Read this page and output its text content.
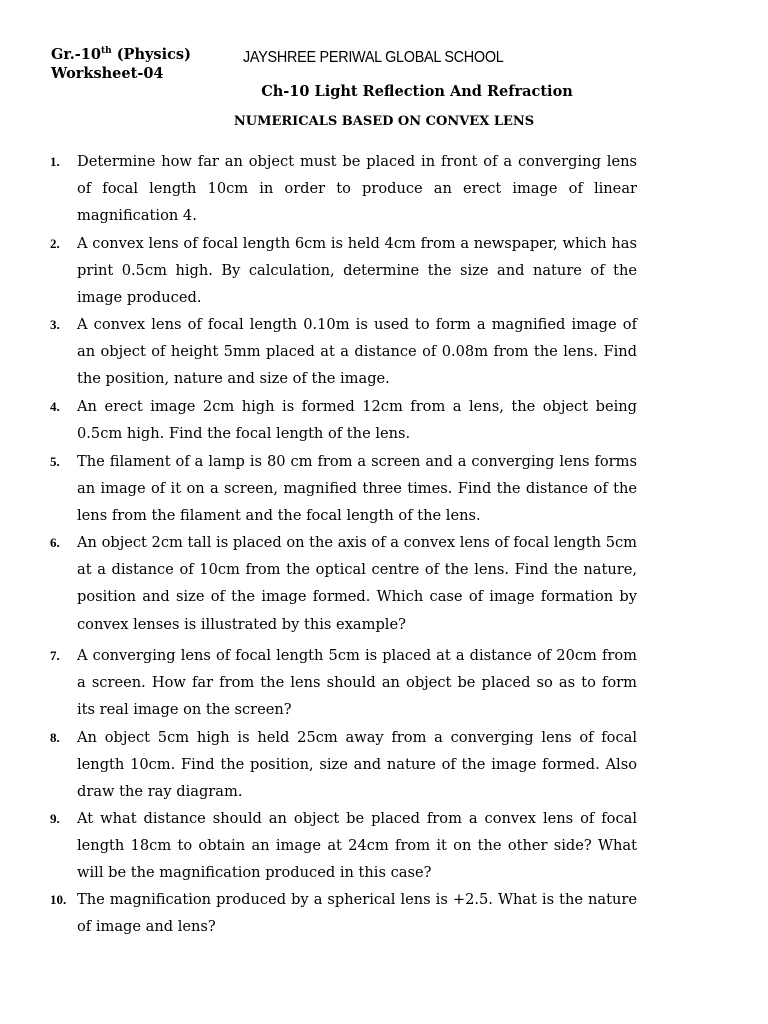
Gr.-10th (Physics)
Worksheet-04
JAYSHREE PERIWAL GLOBAL SCHOOL
Ch-10 Light Reflection And Refraction
NUMERICALS BASED ON CONVEX LENS
1.	Determine how far an object must be placed in front of a converging lens of focal length 10cm in order to produce an erect image of linear magnification 4.
2.	A convex lens of focal length 6cm is held 4cm from a newspaper, which has print 0.5cm high. By calculation, determine the size and nature of the image produced.
3.	A convex lens of focal length 0.10m is used to form a magnified image of an object of height 5mm placed at a distance of 0.08m from the lens. Find the position, nature and size of the image.
4.	An erect image 2cm high is formed 12cm from a lens, the object being 0.5cm high. Find the focal length of the lens.
5.	The filament of a lamp is 80 cm from a screen and a converging lens forms an image of it on a screen, magnified three times. Find the distance of the lens from the filament and the focal length of the lens.
6.	An object 2cm tall is placed on the axis of a convex lens of focal length 5cm at a distance of 10cm from the optical centre of the lens. Find the nature, position and size of the image formed. Which case of image formation by convex lenses is illustrated by this example?
7.	A converging lens of focal length 5cm is placed at a distance of 20cm from a screen. How far from the lens should an object be placed so as to form its real image on the screen?
8.	An object 5cm high is held 25cm away from a converging lens of focal length 10cm. Find the position, size and nature of the image formed. Also draw the ray diagram.
9.	At what distance should an object be placed from a convex lens of focal length 18cm to obtain an image at 24cm from it on the other side? What will be the magnification produced in this case?
10. The magnification produced by a spherical lens is +2.5. What is the nature of image and lens?
